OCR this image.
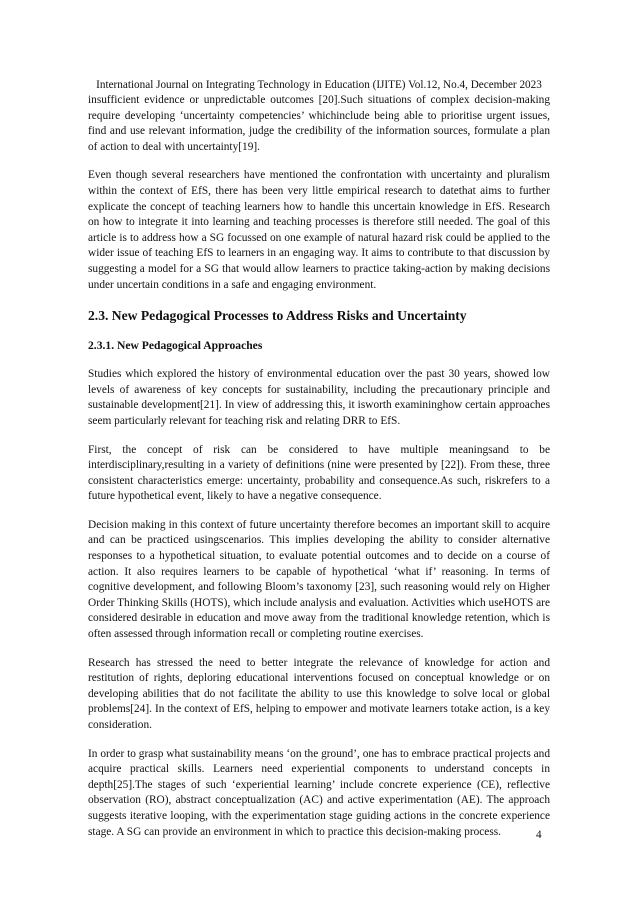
International Journal on Integrating Technology in Education (IJITE) Vol.12, No.4, December 2023

insufficient evidence or unpredictable outcomes [20].Such situations of complex decision-making require developing ‘uncertainty competencies’ whichinclude being able to prioritise urgent issues, find and use relevant information, judge the credibility of the information sources, formulate a plan of action to deal with uncertainty[19].

Even though several researchers have mentioned the confrontation with uncertainty and pluralism within the context of EfS, there has been very little empirical research to datethat aims to further explicate the concept of teaching learners how to handle this uncertain knowledge in EfS. Research on how to integrate it into learning and teaching processes is therefore still needed. The goal of this article is to address how a SG focussed on one example of natural hazard risk could be applied to the wider issue of teaching EfS to learners in an engaging way. It aims to contribute to that discussion by suggesting a model for a SG that would allow learners to practice taking-action by making decisions under uncertain conditions in a safe and engaging environment.

2.3. New Pedagogical Processes to Address Risks and Uncertainty
2.3.1. New Pedagogical Approaches

Studies which explored the history of environmental education over the past 30 years, showed low levels of awareness of key concepts for sustainability, including the precautionary principle and sustainable development[21]. In view of addressing this, it isworth examininghow certain approaches seem particularly relevant for teaching risk and relating DRR to EfS.

First, the concept of risk can be considered to have multiple meaningsand to be interdisciplinary,resulting in a variety of definitions (nine were presented by [22]). From these, three consistent characteristics emerge: uncertainty, probability and consequence.As such, riskrefers to a future hypothetical event, likely to have a negative consequence.

Decision making in this context of future uncertainty therefore becomes an important skill to acquire and can be practiced usingscenarios. This implies developing the ability to consider alternative responses to a hypothetical situation, to evaluate potential outcomes and to decide on a course of action. It also requires learners to be capable of hypothetical ‘what if’ reasoning. In terms of cognitive development, and following Bloom’s taxonomy [23], such reasoning would rely on Higher Order Thinking Skills (HOTS), which include analysis and evaluation. Activities which useHOTS are considered desirable in education and move away from the traditional knowledge retention, which is often assessed through information recall or completing routine exercises.

Research has stressed the need to better integrate the relevance of knowledge for action and restitution of rights, deploring educational interventions focused on conceptual knowledge or on developing abilities that do not facilitate the ability to use this knowledge to solve local or global problems[24]. In the context of EfS, helping to empower and motivate learners totake action, is a key consideration.

In order to grasp what sustainability means ‘on the ground’, one has to embrace practical projects and acquire practical skills. Learners need experiential components to understand concepts in depth[25].The stages of such ‘experiential learning’ include concrete experience (CE), reflective observation (RO), abstract conceptualization (AC) and active experimentation (AE). The approach suggests iterative looping, with the experimentation stage guiding actions in the concrete experience stage. A SG can provide an environment in which to practice this decision-making process.	4
